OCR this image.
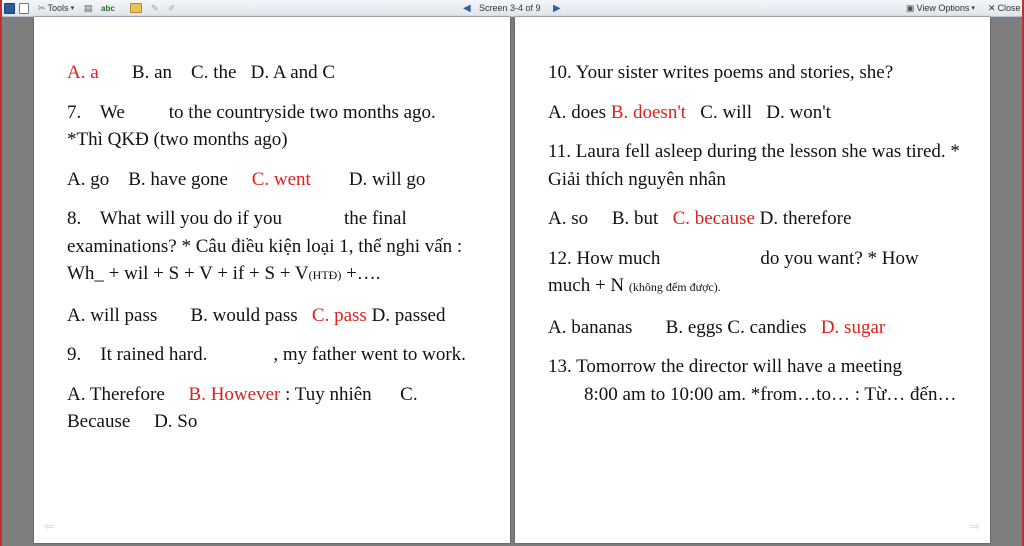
✂ Tools ▾ ▤ abc	✎ ✐	◀ Screen 3-4 of 9 ▶	▣ View Options ▾ ✕ Close

A. a B. an C. the D. A and C

7. We to the countryside two months ago.
*Thì QKĐ (two months ago)

A. go B. have gone C. went D. will go

8. What will you do if you	the final examinations? * Câu điều kiện loại 1, thể nghi vấn : Wh_ + wil + S + V + if + S + V(HTĐ) +….

A. will pass B. would pass C. pass D. passed

9. It rained hard.	, my father went to work.

A. Therefore B. However : Tuy nhiên C. Because D. So

⇦

10. Your sister writes poems and stories, she?

A. does B. doesn't C. will D. won't

11. Laura fell asleep during the lesson she was tired. * Giải thích nguyên nhân

A. so B. but C. because D. therefore

12. How much	do you want? * How much + N (không đếm được).

A. bananas B. eggs C. candies D. sugar

13. Tomorrow the director will have a meeting
8:00 am to 10:00 am. *from…to… : Từ… đến…

⇨
